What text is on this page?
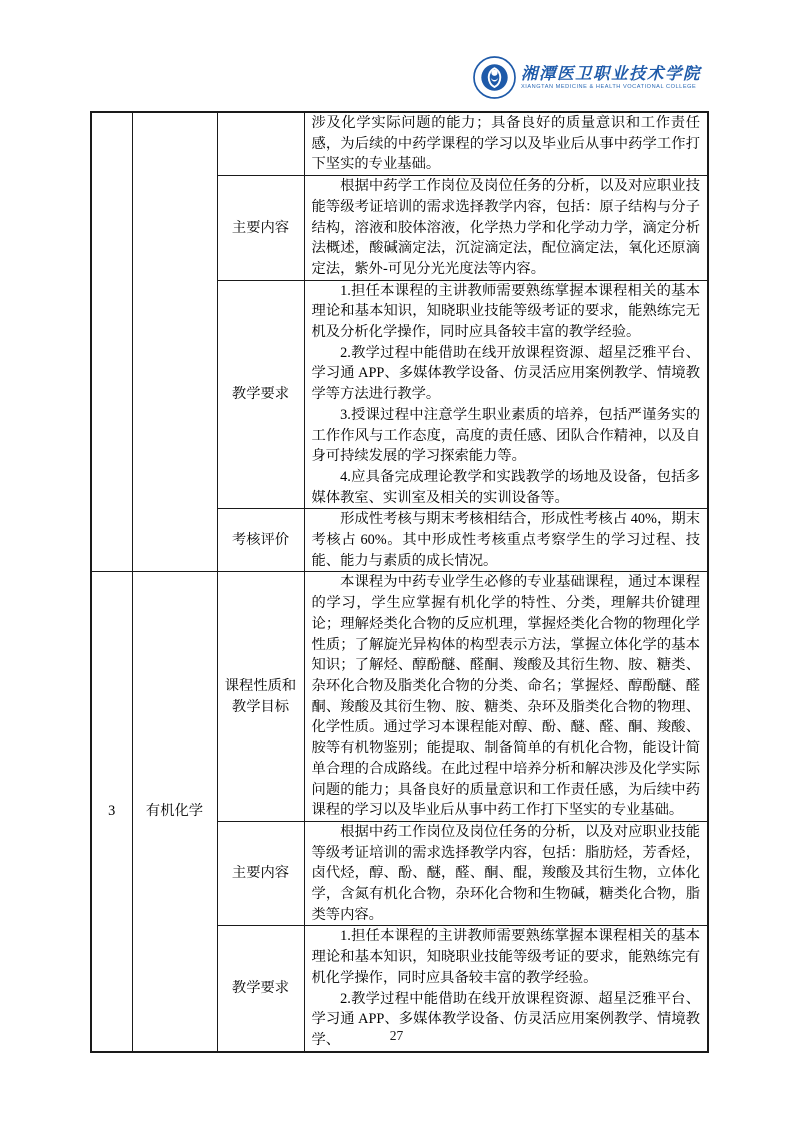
湘潭医卫职业技术学院
XIANGTAN MEDICINE & HEALTH VOCATIONAL COLLEGE

			涉及化学实际问题的能力；具备良好的质量意识和工作责任感，为后续的中药学课程的学习以及毕业后从事中药学工作打下坚实的专业基础。

		主要内容	根据中药学工作岗位及岗位任务的分析，以及对应职业技能等级考证培训的需求选择教学内容，包括：原子结构与分子结构，溶液和胶体溶液，化学热力学和化学动力学，滴定分析法概述，酸碱滴定法，沉淀滴定法，配位滴定法，氧化还原滴定法，紫外-可见分光光度法等内容。

		教学要求	1.担任本课程的主讲教师需要熟练掌握本课程相关的基本理论和基本知识，知晓职业技能等级考证的要求，能熟练完无机及分析化学操作，同时应具备较丰富的教学经验。

2.教学过程中能借助在线开放课程资源、超星泛雅平台、学习通 APP、多媒体教学设备、仿灵活应用案例教学、情境教学等方法进行教学。

3.授课过程中注意学生职业素质的培养，包括严谨务实的工作作风与工作态度，高度的责任感、团队合作精神，以及自身可持续发展的学习探索能力等。

4.应具备完成理论教学和实践教学的场地及设备，包括多媒体教室、实训室及相关的实训设备等。

		考核评价	形成性考核与期末考核相结合，形成性考核占 40%，期末考核占 60%。其中形成性考核重点考察学生的学习过程、技能、能力与素质的成长情况。

3	有机化学	课程性质和教学目标	本课程为中药专业学生必修的专业基础课程，通过本课程的学习，学生应掌握有机化学的特性、分类，理解共价键理论；理解烃类化合物的反应机理，掌握烃类化合物的物理化学性质；了解旋光异构体的构型表示方法，掌握立体化学的基本知识；了解烃、醇酚醚、醛酮、羧酸及其衍生物、胺、糖类、杂环化合物及脂类化合物的分类、命名；掌握烃、醇酚醚、醛酮、羧酸及其衍生物、胺、糖类、杂环及脂类化合物的物理、化学性质。通过学习本课程能对醇、酚、醚、醛、酮、羧酸、胺等有机物鉴别；能提取、制备简单的有机化合物，能设计简单合理的合成路线。在此过程中培养分析和解决涉及化学实际问题的能力；具备良好的质量意识和工作责任感，为后续中药课程的学习以及毕业后从事中药工作打下坚实的专业基础。

		主要内容	根据中药工作岗位及岗位任务的分析，以及对应职业技能等级考证培训的需求选择教学内容，包括：脂肪烃，芳香烃，卤代烃，醇、酚、醚，醛、酮、醌，羧酸及其衍生物，立体化学，含氮有机化合物，杂环化合物和生物碱，糖类化合物，脂类等内容。

		教学要求	1.担任本课程的主讲教师需要熟练掌握本课程相关的基本理论和基本知识，知晓职业技能等级考证的要求，能熟练完有机化学操作，同时应具备较丰富的教学经验。

2.教学过程中能借助在线开放课程资源、超星泛雅平台、学习通 APP、多媒体教学设备、仿灵活应用案例教学、情境教学、	27
